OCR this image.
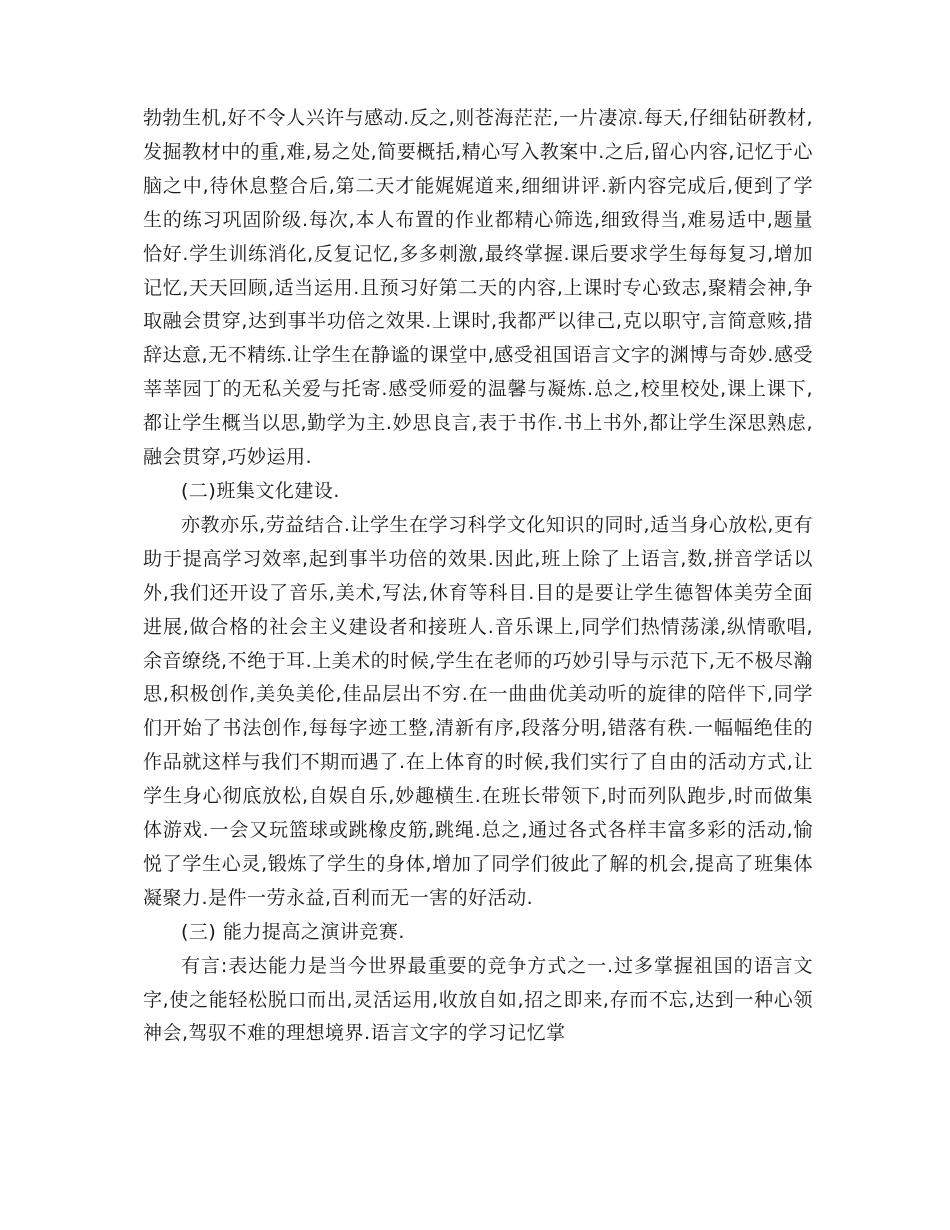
勃勃生机,好不令人兴许与感动.反之,则苍海茫茫,一片凄凉.每天,仔细钻研教材,发掘教材中的重,难,易之处,简要概括,精心写入教案中.之后,留心内容,记忆于心脑之中,待休息整合后,第二天才能娓娓道来,细细讲评.新内容完成后,便到了学生的练习巩固阶级.每次,本人布置的作业都精心筛选,细致得当,难易适中,题量恰好.学生训练消化,反复记忆,多多刺激,最终掌握.课后要求学生每每复习,增加记忆,天天回顾,适当运用.且预习好第二天的内容,上课时专心致志,聚精会神,争取融会贯穿,达到事半功倍之效果.上课时,我都严以律己,克以职守,言简意赅,措辞达意,无不精练.让学生在静谧的课堂中,感受祖国语言文字的渊博与奇妙.感受莘莘园丁的无私关爱与托寄.感受师爱的温馨与凝炼.总之,校里校处,课上课下,都让学生概当以思,勤学为主.妙思良言,表于书作.书上书外,都让学生深思熟虑,融会贯穿,巧妙运用.

(二)班集文化建设.

亦教亦乐,劳益结合.让学生在学习科学文化知识的同时,适当身心放松,更有助于提高学习效率,起到事半功倍的效果.因此,班上除了上语言,数,拼音学话以外,我们还开设了音乐,美术,写法,休育等科目.目的是要让学生德智体美劳全面进展,做合格的社会主义建设者和接班人.音乐课上,同学们热情荡漾,纵情歌唱,余音缭绕,不绝于耳.上美术的时候,学生在老师的巧妙引导与示范下,无不极尽瀚思,积极创作,美奂美伦,佳品层出不穷.在一曲曲优美动听的旋律的陪伴下,同学们开始了书法创作,每每字迹工整,清新有序,段落分明,错落有秩.一幅幅绝佳的作品就这样与我们不期而遇了.在上体育的时候,我们实行了自由的活动方式,让学生身心彻底放松,自娱自乐,妙趣横生.在班长带领下,时而列队跑步,时而做集体游戏.一会又玩篮球或跳橡皮筋,跳绳.总之,通过各式各样丰富多彩的活动,愉悦了学生心灵,锻炼了学生的身体,增加了同学们彼此了解的机会,提高了班集体凝聚力.是件一劳永益,百利而无一害的好活动.

(三) 能力提高之演讲竞赛.

有言:表达能力是当今世界最重要的竞争方式之一.过多掌握祖国的语言文字,使之能轻松脱口而出,灵活运用,收放自如,招之即来,存而不忘,达到一种心领神会,驾驭不难的理想境界.语言文字的学习记忆掌
